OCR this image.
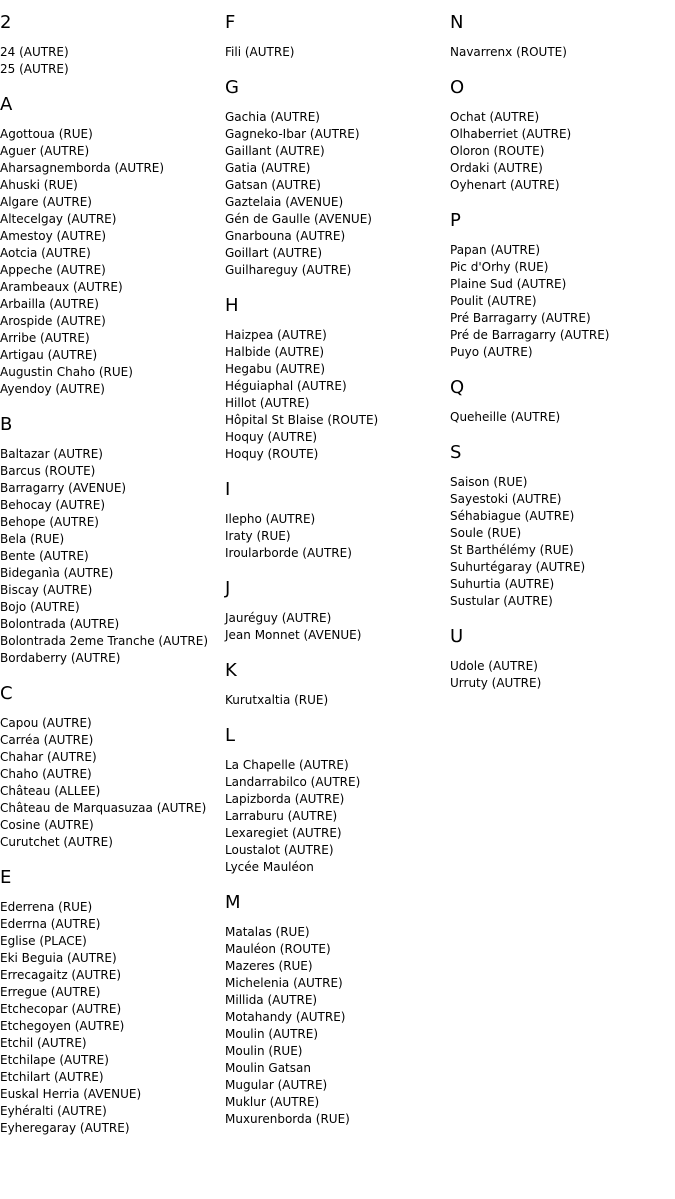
2
24 (AUTRE)
25 (AUTRE)
A
Agottoua (RUE)
Aguer (AUTRE)
Aharsagnemborda (AUTRE)
Ahuski (RUE)
Algare (AUTRE)
Altecelgay (AUTRE)
Amestoy (AUTRE)
Aotcia (AUTRE)
Appeche (AUTRE)
Arambeaux (AUTRE)
Arbailla (AUTRE)
Arospide (AUTRE)
Arribe (AUTRE)
Artigau (AUTRE)
Augustin Chaho (RUE)
Ayendoy (AUTRE)
B
Baltazar (AUTRE)
Barcus (ROUTE)
Barragarry (AVENUE)
Behocay (AUTRE)
Behope (AUTRE)
Bela (RUE)
Bente (AUTRE)
Bideganìa (AUTRE)
Biscay (AUTRE)
Bojo (AUTRE)
Bolontrada (AUTRE)
Bolontrada 2eme Tranche (AUTRE)
Bordaberry (AUTRE)
C
Capou (AUTRE)
Carréa (AUTRE)
Chahar (AUTRE)
Chaho (AUTRE)
Château (ALLEE)
Château de Marquasuzaa (AUTRE)
Cosine (AUTRE)
Curutchet (AUTRE)
E
Ederrena (RUE)
Ederrna (AUTRE)
Eglise (PLACE)
Eki Beguia (AUTRE)
Errecagaitz (AUTRE)
Erregue (AUTRE)
Etchecopar (AUTRE)
Etchegoyen (AUTRE)
Etchil (AUTRE)
Etchilape (AUTRE)
Etchilart (AUTRE)
Euskal Herria (AVENUE)
Eyhéralti (AUTRE)
Eyheregaray (AUTRE)
F
Fili (AUTRE)
G
Gachia (AUTRE)
Gagneko-Ibar (AUTRE)
Gaillant (AUTRE)
Gatia (AUTRE)
Gatsan (AUTRE)
Gaztelaia (AVENUE)
Gén de Gaulle (AVENUE)
Gnarbouna (AUTRE)
Goillart (AUTRE)
Guilhareguy (AUTRE)
H
Haizpea (AUTRE)
Halbide (AUTRE)
Hegabu (AUTRE)
Héguiaphal (AUTRE)
Hillot (AUTRE)
Hôpital St Blaise (ROUTE)
Hoquy (AUTRE)
Hoquy (ROUTE)
I
Ilepho (AUTRE)
Iraty (RUE)
Iroularborde (AUTRE)
J
Jauréguy (AUTRE)
Jean Monnet (AVENUE)
K
Kurutxaltia (RUE)
L
La Chapelle (AUTRE)
Landarrabilco (AUTRE)
Lapizborda (AUTRE)
Larraburu (AUTRE)
Lexaregiet (AUTRE)
Loustalot (AUTRE)
Lycée Mauléon
M
Matalas (RUE)
Mauléon (ROUTE)
Mazeres (RUE)
Michelenia (AUTRE)
Millida (AUTRE)
Motahandy (AUTRE)
Moulin (AUTRE)
Moulin (RUE)
Moulin Gatsan
Mugular (AUTRE)
Muklur (AUTRE)
Muxurenborda (RUE)
N
Navarrenx (ROUTE)
O
Ochat (AUTRE)
Olhaberriet (AUTRE)
Oloron (ROUTE)
Ordaki (AUTRE)
Oyhenart (AUTRE)
P
Papan (AUTRE)
Pic d'Orhy (RUE)
Plaine Sud (AUTRE)
Poulit (AUTRE)
Pré Barragarry (AUTRE)
Pré de Barragarry (AUTRE)
Puyo (AUTRE)
Q
Queheille (AUTRE)
S
Saison (RUE)
Sayestoki (AUTRE)
Séhabiague (AUTRE)
Soule (RUE)
St Barthélémy (RUE)
Suhurtégaray (AUTRE)
Suhurtia (AUTRE)
Sustular (AUTRE)
U
Udole (AUTRE)
Urruty (AUTRE)
